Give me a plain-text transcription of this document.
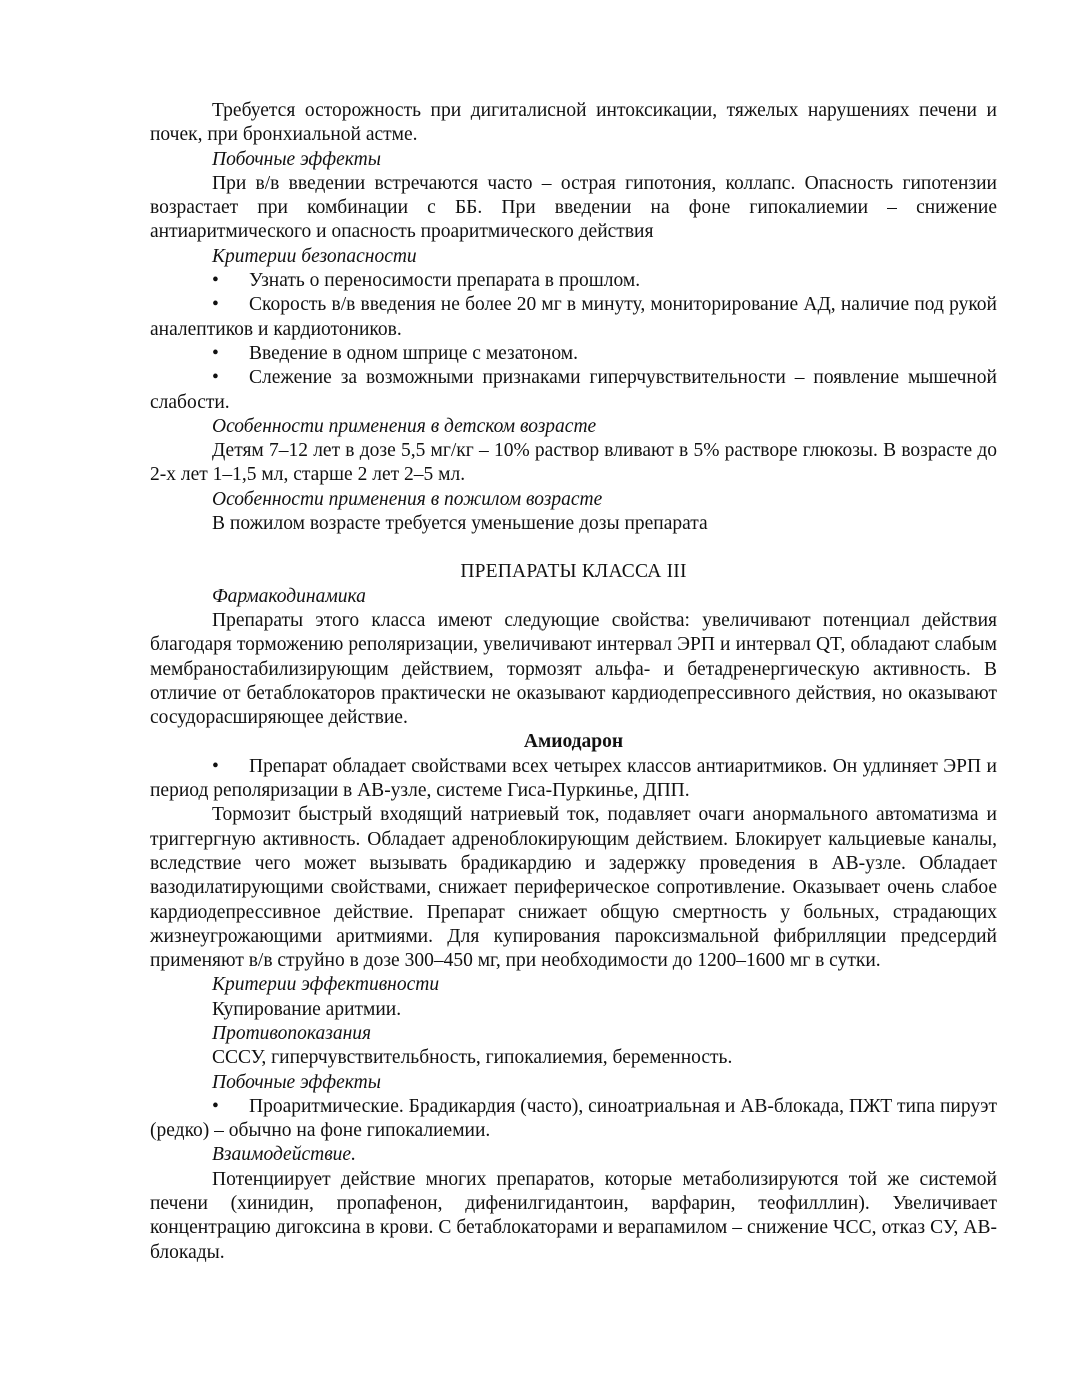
Требуется осторожность при дигиталисной интоксикации, тяжелых нарушениях печени и почек, при бронхиальной астме.

Побочные эффекты

При в/в введении встречаются часто – острая гипотония, коллапс. Опасность гипотензии возрастает при комбинации с ББ. При введении на фоне гипокалиемии – снижение антиаритмического и опасность проаритмического действия

Критерии безопасности

• Узнать о переносимости препарата в прошлом.

• Скорость в/в введения не более 20 мг в минуту, мониторирование АД, наличие под рукой аналептиков и кардиотоников.

• Введение в одном шприце с мезатоном.

• Слежение за возможными признаками гиперчувствительности – появление мышечной слабости.

Особенности применения в детском возрасте

Детям 7–12 лет в дозе 5,5 мг/кг – 10% раствор вливают в 5% растворе глюкозы. В возрасте до 2-х лет 1–1,5 мл, старше 2 лет 2–5 мл.

Особенности применения в пожилом возрасте

В пожилом возрасте требуется уменьшение дозы препарата

ПРЕПАРАТЫ КЛАССА III

Фармакодинамика

Препараты этого класса имеют следующие свойства: увеличивают потенциал действия благодаря торможению реполяризации, увеличивают интервал ЭРП и интервал QT, обладают слабым мембраностабилизирующим действием, тормозят альфа- и бетадренергическую активность. В отличие от бетаблокаторов практически не оказывают кардиодепрессивного действия, но оказывают сосудорасширяющее действие.

Амиодарон

• Препарат обладает свойствами всех четырех классов антиаритмиков. Он удлиняет ЭРП и период реполяризации в АВ-узле, системе Гиса-Пуркинье, ДПП.

Тормозит быстрый входящий натриевый ток, подавляет очаги анормального автоматизма и триггергную активность. Обладает адреноблокирующим действием. Блокирует кальциевые каналы, вследствие чего может вызывать брадикардию и задержку проведения в АВ-узле. Обладает вазодилатирующими свойствами, снижает периферическое сопротивление. Оказывает очень слабое кардиодепрессивное действие. Препарат снижает общую смертность у больных, страдающих жизнеугрожающими аритмиями. Для купирования пароксизмальной фибрилляции предсердий применяют в/в струйно в дозе 300–450 мг, при необходимости до 1200–1600 мг в сутки.

Критерии эффективности

Купирование аритмии.

Противопоказания

СССУ, гиперчувствительбность, гипокалиемия, беременность.

Побочные эффекты

• Проаритмические. Брадикардия (часто), синоатриальная и АВ-блокада, ПЖТ типа пируэт (редко) – обычно на фоне гипокалиемии.

Взаимодействие.

Потенциирует действие многих препаратов, которые метаболизируются той же системой печени (хинидин, пропафенон, дифенилгидантоин, варфарин, теофилллин). Увеличивает концентрацию дигоксина в крови. С бетаблокаторами и верапамилом – снижение ЧСС, отказ СУ, АВ-блокады.
